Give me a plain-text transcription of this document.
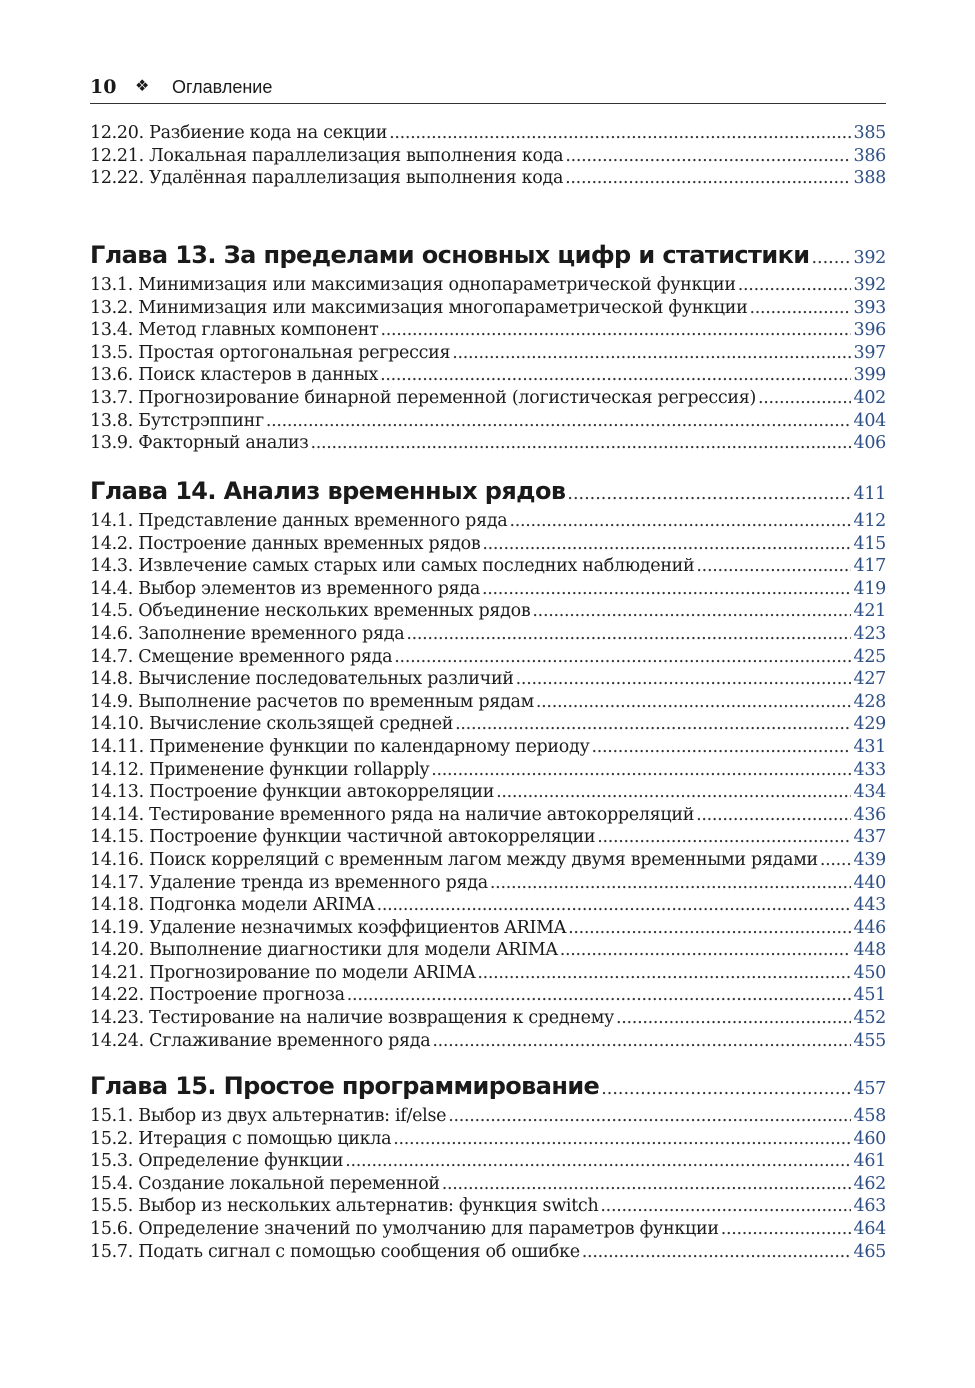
10 ❖ Оглавление
12.20. Разбиение кода на секции .....	385
12.21. Локальная параллелизация выполнения кода .....	386
12.22. Удалённая параллелизация выполнения кода .....	388
Глава 13. За пределами основных цифр и статистики .....	392
13.1. Минимизация или максимизация однопараметрической функции .....	392
13.2. Минимизация или максимизация многопараметрической функции .....	393
13.4. Метод главных компонент .....	396
13.5. Простая ортогональная регрессия .....	397
13.6. Поиск кластеров в данных .....	399
13.7. Прогнозирование бинарной переменной (логистическая регрессия) .....	402
13.8. Бутстрэппинг .....	404
13.9. Факторный анализ .....	406
Глава 14. Анализ временных рядов .....	411
14.1. Представление данных временного ряда .....	412
14.2. Построение данных временных рядов .....	415
14.3. Извлечение самых старых или самых последних наблюдений .....	417
14.4. Выбор элементов из временного ряда .....	419
14.5. Объединение нескольких временных рядов .....	421
14.6. Заполнение временного ряда .....	423
14.7. Смещение временного ряда .....	425
14.8. Вычисление последовательных различий .....	427
14.9. Выполнение расчетов по временным рядам .....	428
14.10. Вычисление скользящей средней .....	429
14.11. Применение функции по календарному периоду .....	431
14.12. Применение функции rollapply .....	433
14.13. Построение функции автокорреляции .....	434
14.14. Тестирование временного ряда на наличие автокорреляций .....	436
14.15. Построение функции частичной автокорреляции .....	437
14.16. Поиск корреляций с временным лагом между двумя временными рядами ..... 439
14.17. Удаление тренда из временного ряда .....	440
14.18. Подгонка модели ARIMA .....	443
14.19. Удаление незначимых коэффициентов ARIMA .....	446
14.20. Выполнение диагностики для модели ARIMA .....	448
14.21. Прогнозирование по модели ARIMA .....	450
14.22. Построение прогноза .....	451
14.23. Тестирование на наличие возвращения к среднему .....	452
14.24. Сглаживание временного ряда .....	455
Глава 15. Простое программирование .....	457
15.1. Выбор из двух альтернатив: if/else .....	458
15.2. Итерация с помощью цикла .....	460
15.3. Определение функции .....	461
15.4. Создание локальной переменной .....	462
15.5. Выбор из нескольких альтернатив: функция switch .....	463
15.6. Определение значений по умолчанию для параметров функции .....	464
15.7. Подать сигнал с помощью сообщения об ошибке .....	465
